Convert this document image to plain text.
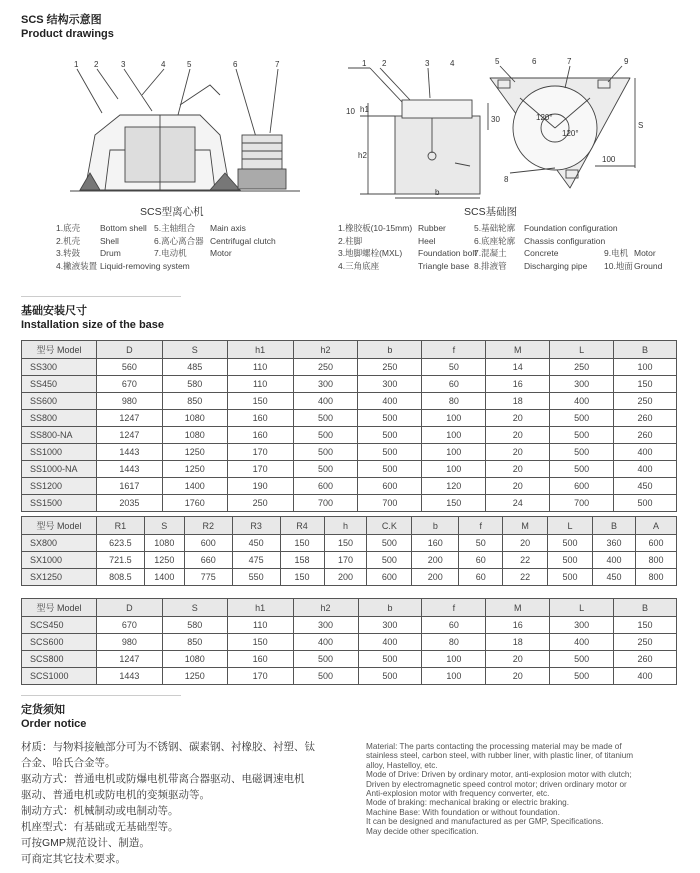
SCS 结构示意图
Product drawings
1 2	3	4	5	6	7
SCS型离心机
1.底壳 Bottom shell 5.主轴组合 Main axis
2.机壳 Shell	6.离心离合器 Centrifugal clutch
3.转鼓 Drum	7.电动机	Motor
4.撇液装置 Liquid-removing system
1 2	3	4	5	6	7
8
9
10 h1
h2
b
30
S
100
120°
120°
SCS基础图
1.橡胶板(10-15mm) Rubber	5.基础轮廓 Foundation configuration
2.柱脚	Heel	6.底座轮廓 Chassis configuration
3.地脚螺栓(MXL) Foundation bolt7.混凝土 Concrete	9.电机 Motor
4.三角底座	Triangle base 8.排液管 Discharging pipe 10.地面Ground
基础安装尺寸
Installation size of the base
型号 Model	D	S	h1	h2	b	f	M	L	B
SS300	560	485	110	250	250	50	14	250	100
SS450	670	580	110	300	300	60	16	300	150
SS600	980	850	150	400	400	80	18	400	250
SS800	1247	1080	160	500	500	100	20	500	260
SS800-NA	1247	1080	160	500	500	100	20	500	260
SS1000	1443	1250	170	500	500	100	20	500	400
SS1000-NA	1443	1250	170	500	500	100	20	500	400
SS1200	1617	1400	190	600	600	120	20	600	450
SS1500	2035	1760	250	700	700	150	24	700	500
型号 Model	R1	S	R2	R3	R4	h	C.K	b	f	M	L	B	A
SX800	623.5	1080	600	450	150	150	500	160	50	20	500	360	600
SX1000	721.5	1250	660	475	158	170	500	200	60	22	500	400	800
SX1250	808.5	1400	775	550	150	200	600	200	60	22	500	450	800
型号 Model	D	S	h1	h2	b	f	M	L	B
SCS450	670	580	110	300	300	60	16	300	150
SCS600	980	850	150	400	400	80	18	400	250
SCS800	1247	1080	160	500	500	100	20	500	260
SCS1000	1443	1250	170	500	500	100	20	500	400
定货须知
Order notice
材质：与物料接触部分可为不锈钢、碳素钢、衬橡胶、衬塑、钛
合金、哈氏合金等。
驱动方式：普通电机或防爆电机带离合器驱动、电磁调速电机
驱动、普通电机或防电机的变频驱动等。
制动方式：机械制动或电制动等。
机座型式：有基础或无基础型等。
可按GMP规范设计、制造。
可商定其它技术要求。
Material: The parts contacting the processing material may be made of
stainless steel, carbon steel, with rubber liner, with plastic liner, of titanium
alloy, Hastelloy, etc.
Mode of Drive: Driven by ordinary motor, anti-explosion motor with clutch;
Driven by electromagnetic speed control motor; driven ordinary motor or
Anti-explosion motor with frequency converter, etc.
Mode of braking: mechanical braking or electric braking.
Machine Base: With foundation or without foundation.
It can be designed and manufactured as per GMP, Specifications.
May decide other specification.
